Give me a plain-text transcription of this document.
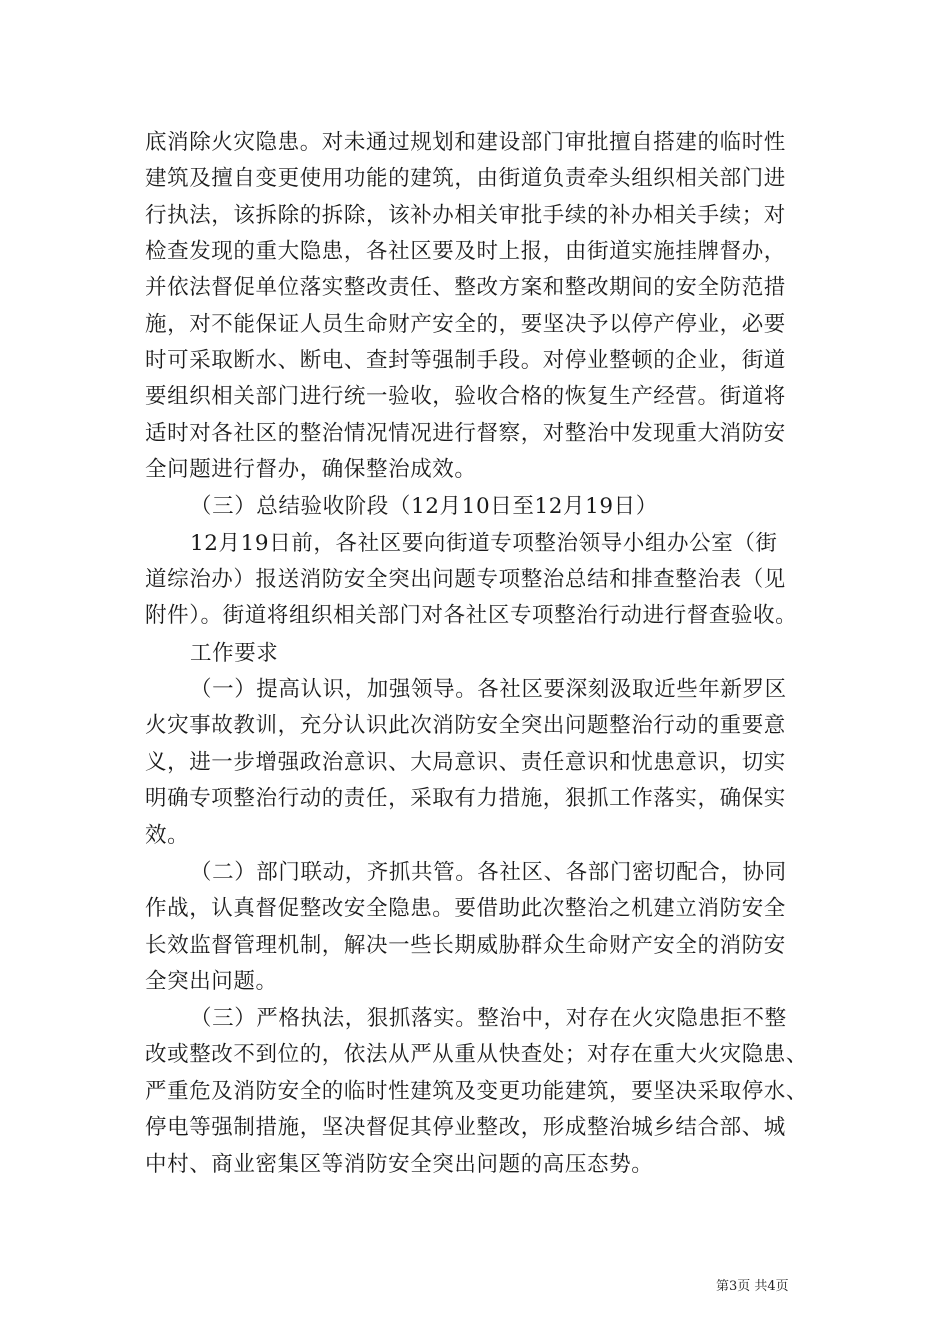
底消除火灾隐患。对未通过规划和建设部门审批擅自搭建的临时性
建筑及擅自变更使用功能的建筑，由街道负责牵头组织相关部门进
行执法，该拆除的拆除，该补办相关审批手续的补办相关手续；对
检查发现的重大隐患，各社区要及时上报，由街道实施挂牌督办，
并依法督促单位落实整改责任、整改方案和整改期间的安全防范措
施，对不能保证人员生命财产安全的，要坚决予以停产停业，必要
时可采取断水、断电、查封等强制手段。对停业整顿的企业，街道
要组织相关部门进行统一验收，验收合格的恢复生产经营。街道将
适时对各社区的整治情况情况进行督察，对整治中发现重大消防安
全问题进行督办，确保整治成效。
（三）总结验收阶段（12月10日至12月19日）
12月19日前，各社区要向街道专项整治领导小组办公室（街
道综治办）报送消防安全突出问题专项整治总结和排查整治表（见
附件）。街道将组织相关部门对各社区专项整治行动进行督查验收。
工作要求
（一）提高认识，加强领导。各社区要深刻汲取近些年新罗区
火灾事故教训，充分认识此次消防安全突出问题整治行动的重要意
义，进一步增强政治意识、大局意识、责任意识和忧患意识，切实
明确专项整治行动的责任，采取有力措施，狠抓工作落实，确保实
效。
（二）部门联动，齐抓共管。各社区、各部门密切配合，协同
作战，认真督促整改安全隐患。要借助此次整治之机建立消防安全
长效监督管理机制，解决一些长期威胁群众生命财产安全的消防安
全突出问题。
（三）严格执法，狠抓落实。整治中，对存在火灾隐患拒不整
改或整改不到位的，依法从严从重从快查处；对存在重大火灾隐患、
严重危及消防安全的临时性建筑及变更功能建筑，要坚决采取停水、
停电等强制措施，坚决督促其停业整改，形成整治城乡结合部、城
中村、商业密集区等消防安全突出问题的高压态势。
第3页 共4页
